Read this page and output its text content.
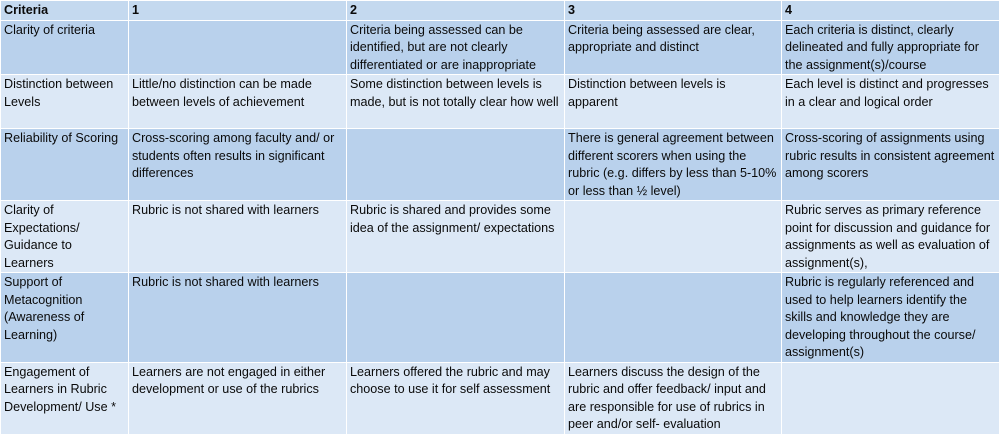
Criteria	1	2	3	4
Clarity of criteria		Criteria being assessed can be identified, but are not clearly differentiated or are inappropriate	Criteria being assessed are clear, appropriate and distinct	Each criteria is distinct, clearly delineated and fully appropriate for the assignment(s)/course
Distinction between Levels	Little/no distinction can be made between levels of achievement	Some distinction between levels is made, but is not totally clear how well	Distinction between levels is apparent	Each level is distinct and progresses in a clear and logical order
Reliability of Scoring	Cross-scoring among faculty and/ or students often results in significant differences		There is general agreement between different scorers when using the rubric (e.g. differs by less than 5-10% or less than ½ level)	Cross-scoring of assignments using rubric results in consistent agreement among scorers
Clarity of Expectations/ Guidance to Learners	Rubric is not shared with learners	Rubric is shared and provides some idea of the assignment/ expectations		Rubric serves as primary reference point for discussion and guidance for assignments as well as evaluation of assignment(s),
Support of Metacognition (Awareness of Learning)	Rubric is not shared with learners			Rubric is regularly referenced and used to help learners identify the skills and knowledge they are developing throughout the course/ assignment(s)
Engagement of Learners in Rubric Development/ Use *	Learners are not engaged in either development or use of the rubrics	Learners offered the rubric and may choose to use it for self assessment	Learners discuss the design of the rubric and offer feedback/ input and are responsible for use of rubrics in peer and/or self- evaluation	
